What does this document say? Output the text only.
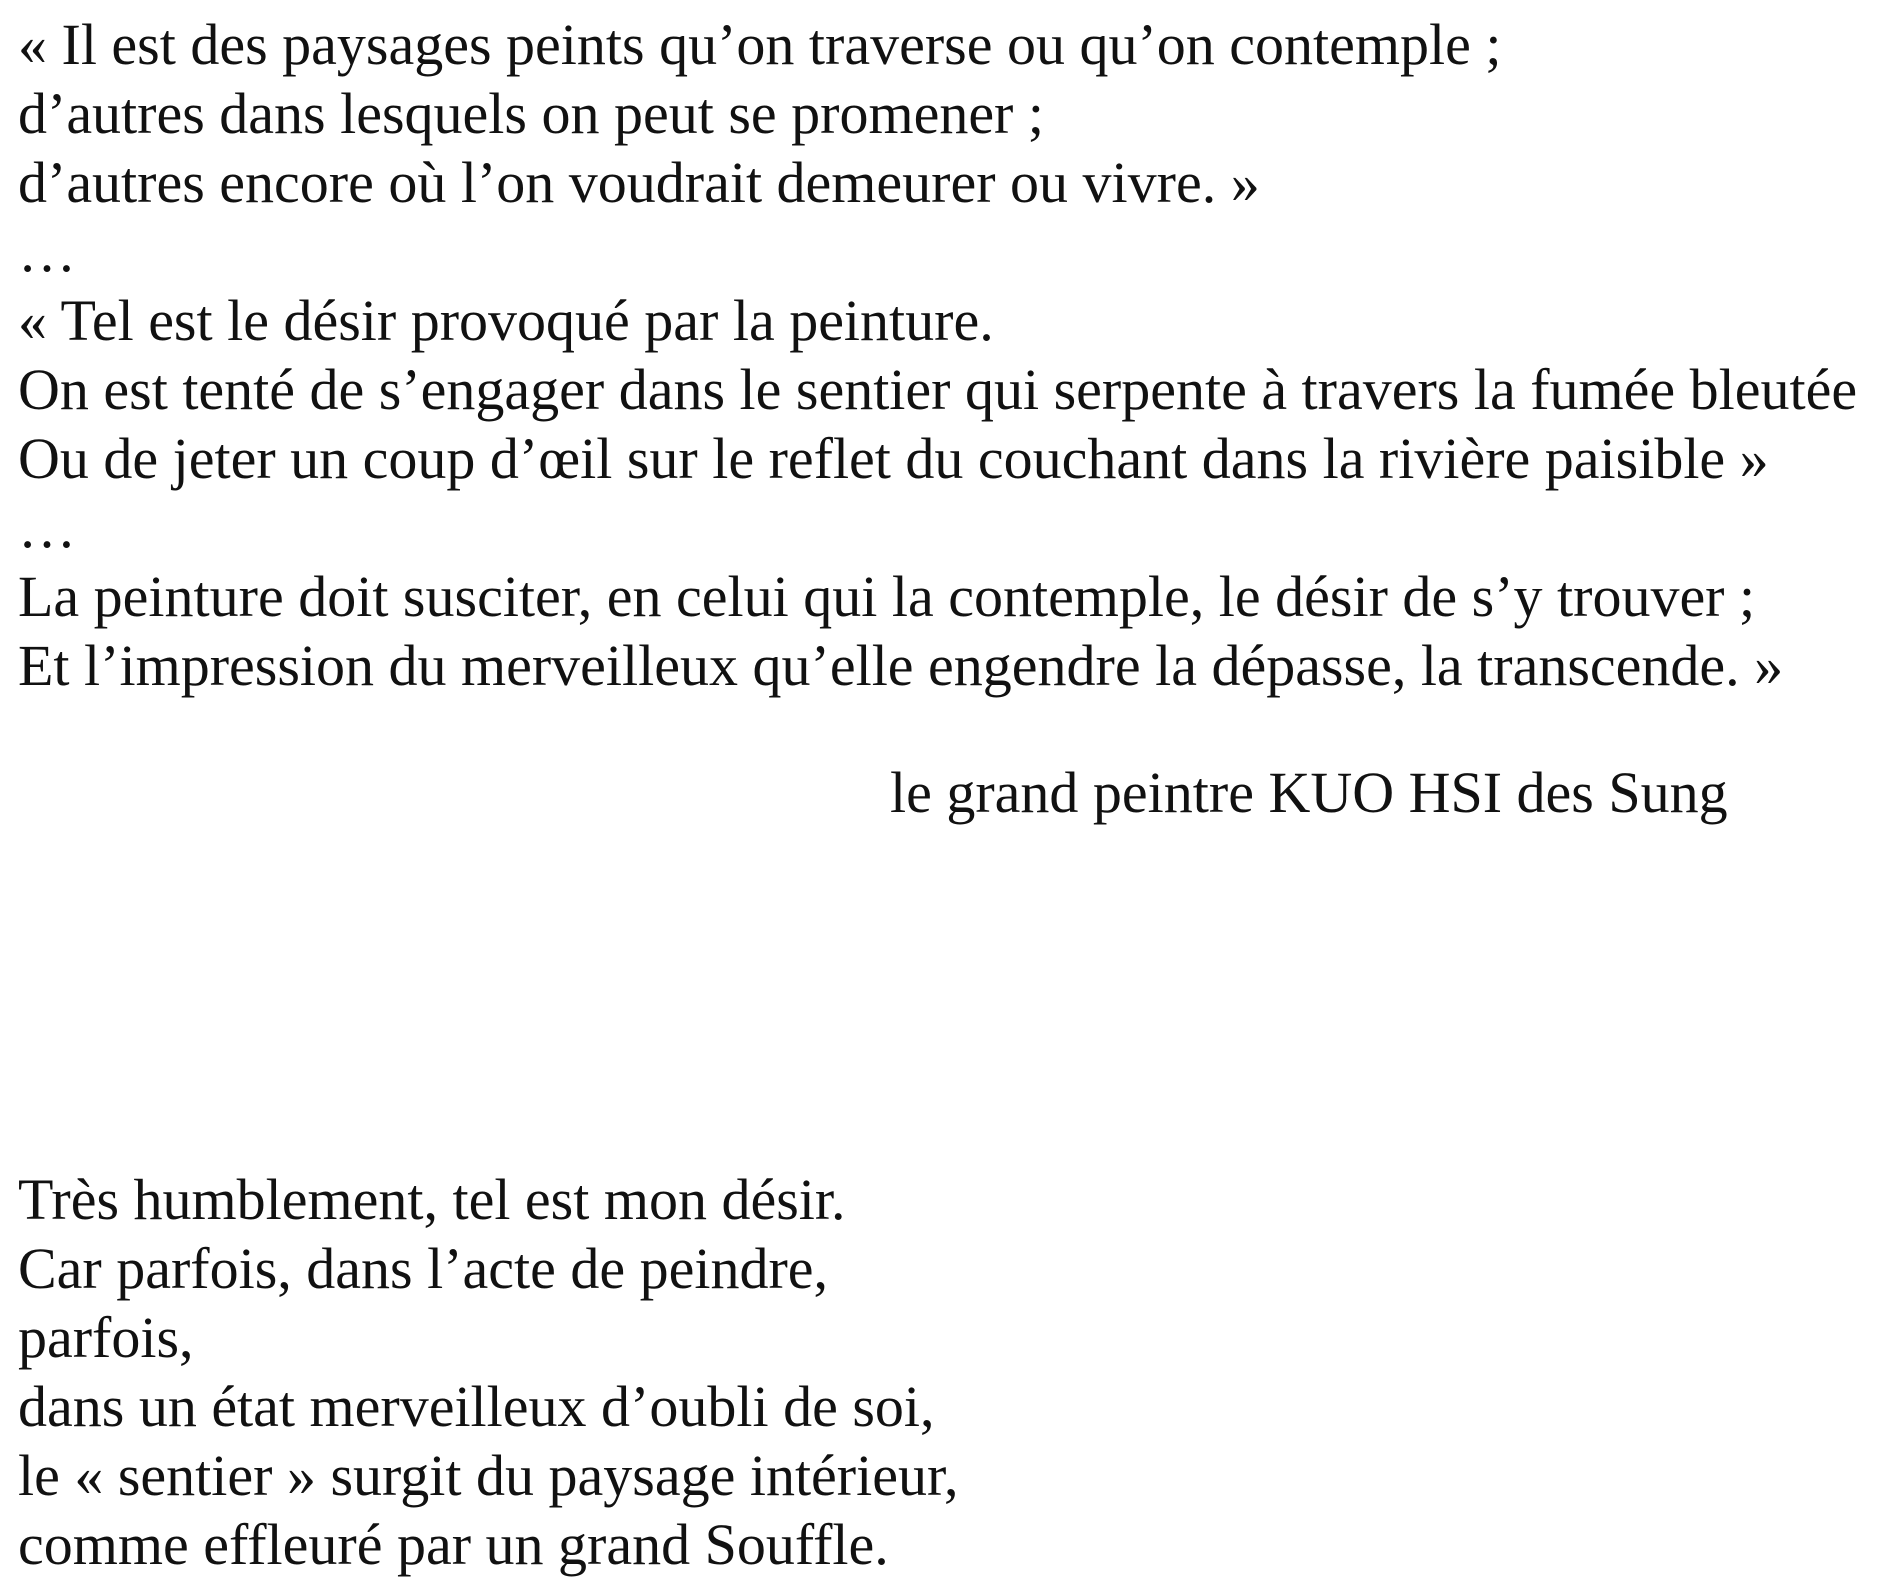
« Il est des paysages peints qu’on traverse ou qu’on contemple ;
d’autres dans lesquels on peut se promener ;
d’autres encore où l’on voudrait demeurer ou vivre. »
…
« Tel est le désir provoqué par la peinture.
On est tenté de s’engager dans le sentier qui serpente à travers la fumée bleutée
Ou de jeter un coup d’œil sur le reflet du couchant dans la rivière paisible »
…
La peinture doit susciter, en celui qui la contemple, le désir de s’y trouver ;
Et l’impression du merveilleux qu’elle engendre la dépasse, la transcende. »

le grand peintre KUO HSI des Sung

Très humblement, tel est mon désir.
Car parfois, dans l’acte de peindre,
parfois,
dans un état merveilleux d’oubli de soi,
le « sentier » surgit du paysage intérieur,
comme effleuré par un grand Souffle.
